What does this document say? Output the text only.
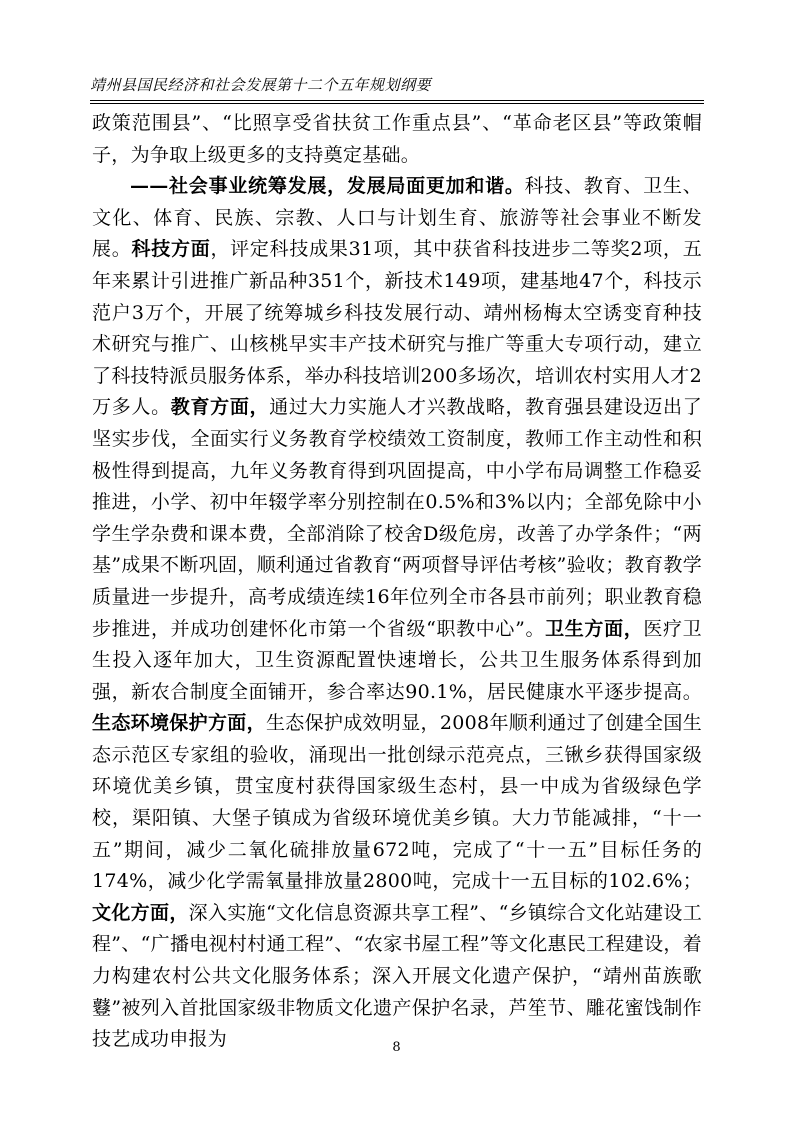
靖州县国民经济和社会发展第十二个五年规划纲要

政策范围县”、“比照享受省扶贫工作重点县”、“革命老区县”等政策帽子，为争取上级更多的支持奠定基础。

——社会事业统筹发展，发展局面更加和谐。科技、教育、卫生、文化、体育、民族、宗教、人口与计划生育、旅游等社会事业不断发展。科技方面，评定科技成果31项，其中获省科技进步二等奖2项，五年来累计引进推广新品种351个，新技术149项，建基地47个，科技示范户3万个，开展了统筹城乡科技发展行动、靖州杨梅太空诱变育种技术研究与推广、山核桃早实丰产技术研究与推广等重大专项行动，建立了科技特派员服务体系，举办科技培训200多场次，培训农村实用人才2万多人。教育方面，通过大力实施人才兴教战略，教育强县建设迈出了坚实步伐，全面实行义务教育学校绩效工资制度，教师工作主动性和积极性得到提高，九年义务教育得到巩固提高，中小学布局调整工作稳妥推进，小学、初中年辍学率分别控制在0.5%和3%以内；全部免除中小学生学杂费和课本费，全部消除了校舍D级危房，改善了办学条件；“两基”成果不断巩固，顺利通过省教育“两项督导评估考核”验收；教育教学质量进一步提升，高考成绩连续16年位列全市各县市前列；职业教育稳步推进，并成功创建怀化市第一个省级“职教中心”。卫生方面，医疗卫生投入逐年加大，卫生资源配置快速增长，公共卫生服务体系得到加强，新农合制度全面铺开，参合率达90.1%，居民健康水平逐步提高。生态环境保护方面，生态保护成效明显，2008年顺利通过了创建全国生态示范区专家组的验收，涌现出一批创绿示范亮点，三锹乡获得国家级环境优美乡镇，贯宝度村获得国家级生态村，县一中成为省级绿色学校，渠阳镇、大堡子镇成为省级环境优美乡镇。大力节能减排，“十一五”期间，减少二氧化硫排放量672吨，完成了“十一五”目标任务的174%，减少化学需氧量排放量2800吨，完成十一五目标的102.6%；文化方面，深入实施“文化信息资源共享工程”、“乡镇综合文化站建设工程”、“广播电视村村通工程”、“农家书屋工程”等文化惠民工程建设，着力构建农村公共文化服务体系；深入开展文化遗产保护，“靖州苗族歌鼟”被列入首批国家级非物质文化遗产保护名录，芦笙节、雕花蜜饯制作技艺成功申报为	8
